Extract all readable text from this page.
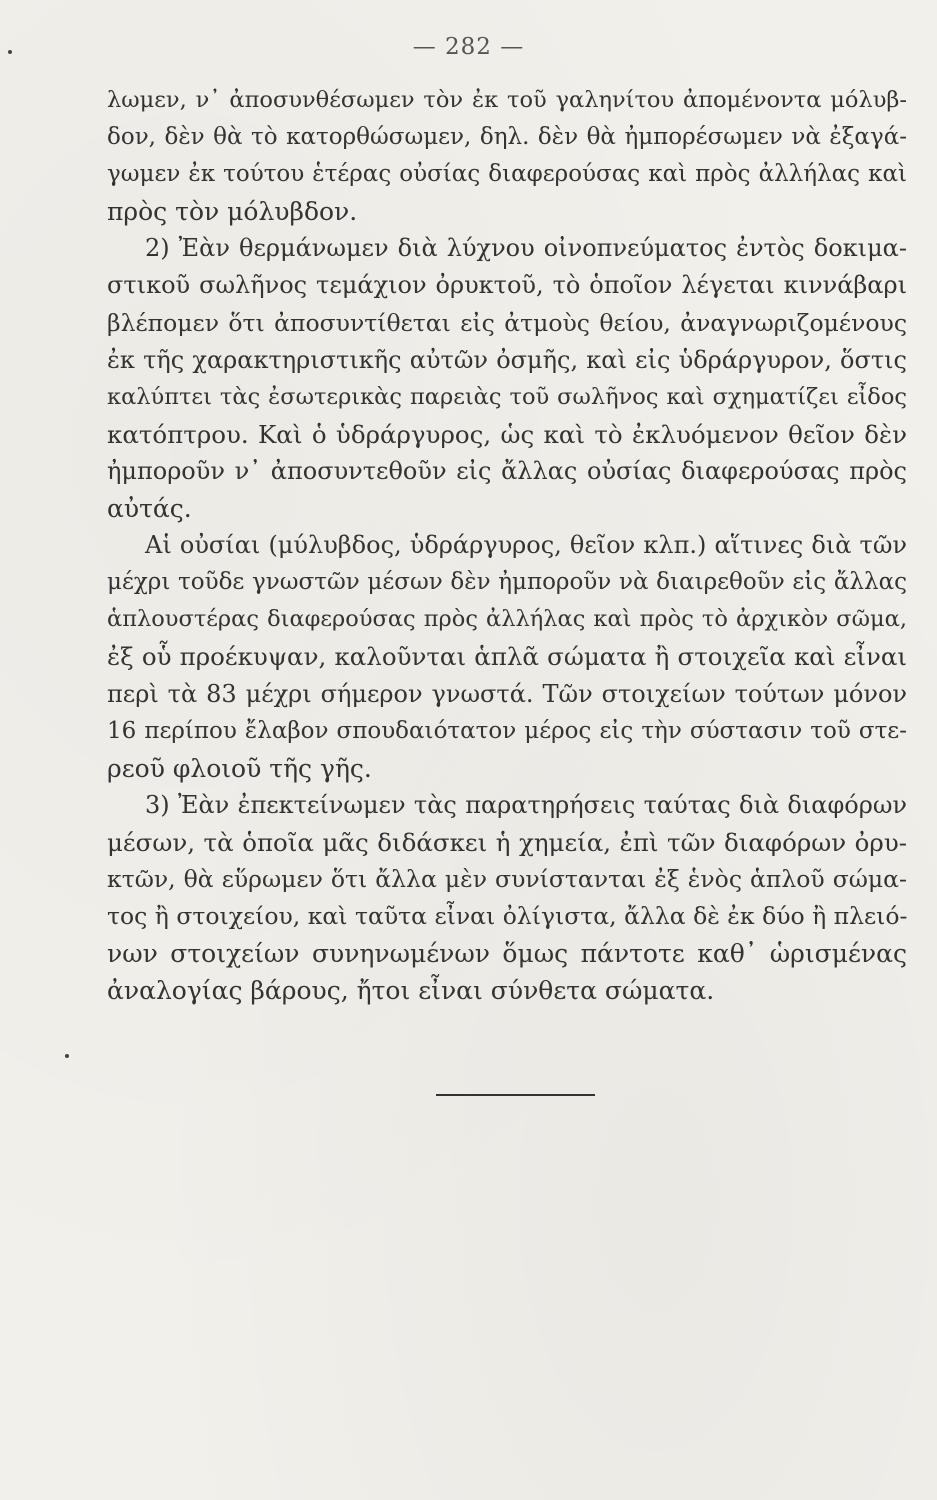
— 282 —
λωμεν, ν᾽ ἀποσυνθέσωμεν τὸν ἐκ τοῦ γαληνίτου ἀπομένοντα μόλυβ-
δον, δὲν θὰ τὸ κατορθώσωμεν, δηλ. δὲν θὰ ἠμπορέσωμεν νὰ ἐξαγά-
γωμεν ἐκ τούτου ἑτέρας οὐσίας διαφερούσας καὶ πρὸς ἀλλήλας καὶ
πρὸς τὸν μόλυβδον.
2) Ἐὰν θερμάνωμεν διὰ λύχνου οἰνοπνεύματος ἐντὸς δοκιμα-
στικοῦ σωλῆνος τεμάχιον ὀρυκτοῦ, τὸ ὁποῖον λέγεται κιννάβαρι
βλέπομεν ὅτι ἀποσυντίθεται εἰς ἀτμοὺς θείου, ἀναγνωριζομένους
ἐκ τῆς χαρακτηριστικῆς αὐτῶν ὀσμῆς, καὶ εἰς ὑδράργυρον, ὅστις
καλύπτει τὰς ἐσωτερικὰς παρειὰς τοῦ σωλῆνος καὶ σχηματίζει εἶδος
κατόπτρου. Καὶ ὁ ὑδράργυρος, ὡς καὶ τὸ ἐκλυόμενον θεῖον δὲν
ἠμποροῦν ν᾽ ἀποσυντεθοῦν εἰς ἄλλας οὐσίας διαφερούσας πρὸς
αὐτάς.
Αἱ οὐσίαι (μύλυβδος, ὑδράργυρος, θεῖον κλπ.) αἵτινες διὰ τῶν
μέχρι τοῦδε γνωστῶν μέσων δὲν ἠμποροῦν νὰ διαιρεθοῦν εἰς ἄλλας
ἁπλουστέρας διαφερούσας πρὸς ἀλλήλας καὶ πρὸς τὸ ἀρχικὸν σῶμα,
ἐξ οὗ προέκυψαν, καλοῦνται ἁπλᾶ σώματα ἢ στοιχεῖα καὶ εἶναι
περὶ τὰ 83 μέχρι σήμερον γνωστά. Τῶν στοιχείων τούτων μόνον
16 περίπου ἔλαβον σπουδαιότατον μέρος εἰς τὴν σύστασιν τοῦ στε-
ρεοῦ φλοιοῦ τῆς γῆς.
3) Ἐὰν ἐπεκτείνωμεν τὰς παρατηρήσεις ταύτας διὰ διαφόρων
μέσων, τὰ ὁποῖα μᾶς διδάσκει ἡ χημεία, ἐπὶ τῶν διαφόρων ὀρυ-
κτῶν, θὰ εὕρωμεν ὅτι ἄλλα μὲν συνίστανται ἐξ ἑνὸς ἁπλοῦ σώμα-
τος ἢ στοιχείου, καὶ ταῦτα εἶναι ὀλίγιστα, ἄλλα δὲ ἐκ δύο ἢ πλειό-
νων στοιχείων συνηνωμένων ὅμως πάντοτε καθ᾽ ὡρισμένας
ἀναλογίας βάρους, ἤτοι εἶναι σύνθετα σώματα.
